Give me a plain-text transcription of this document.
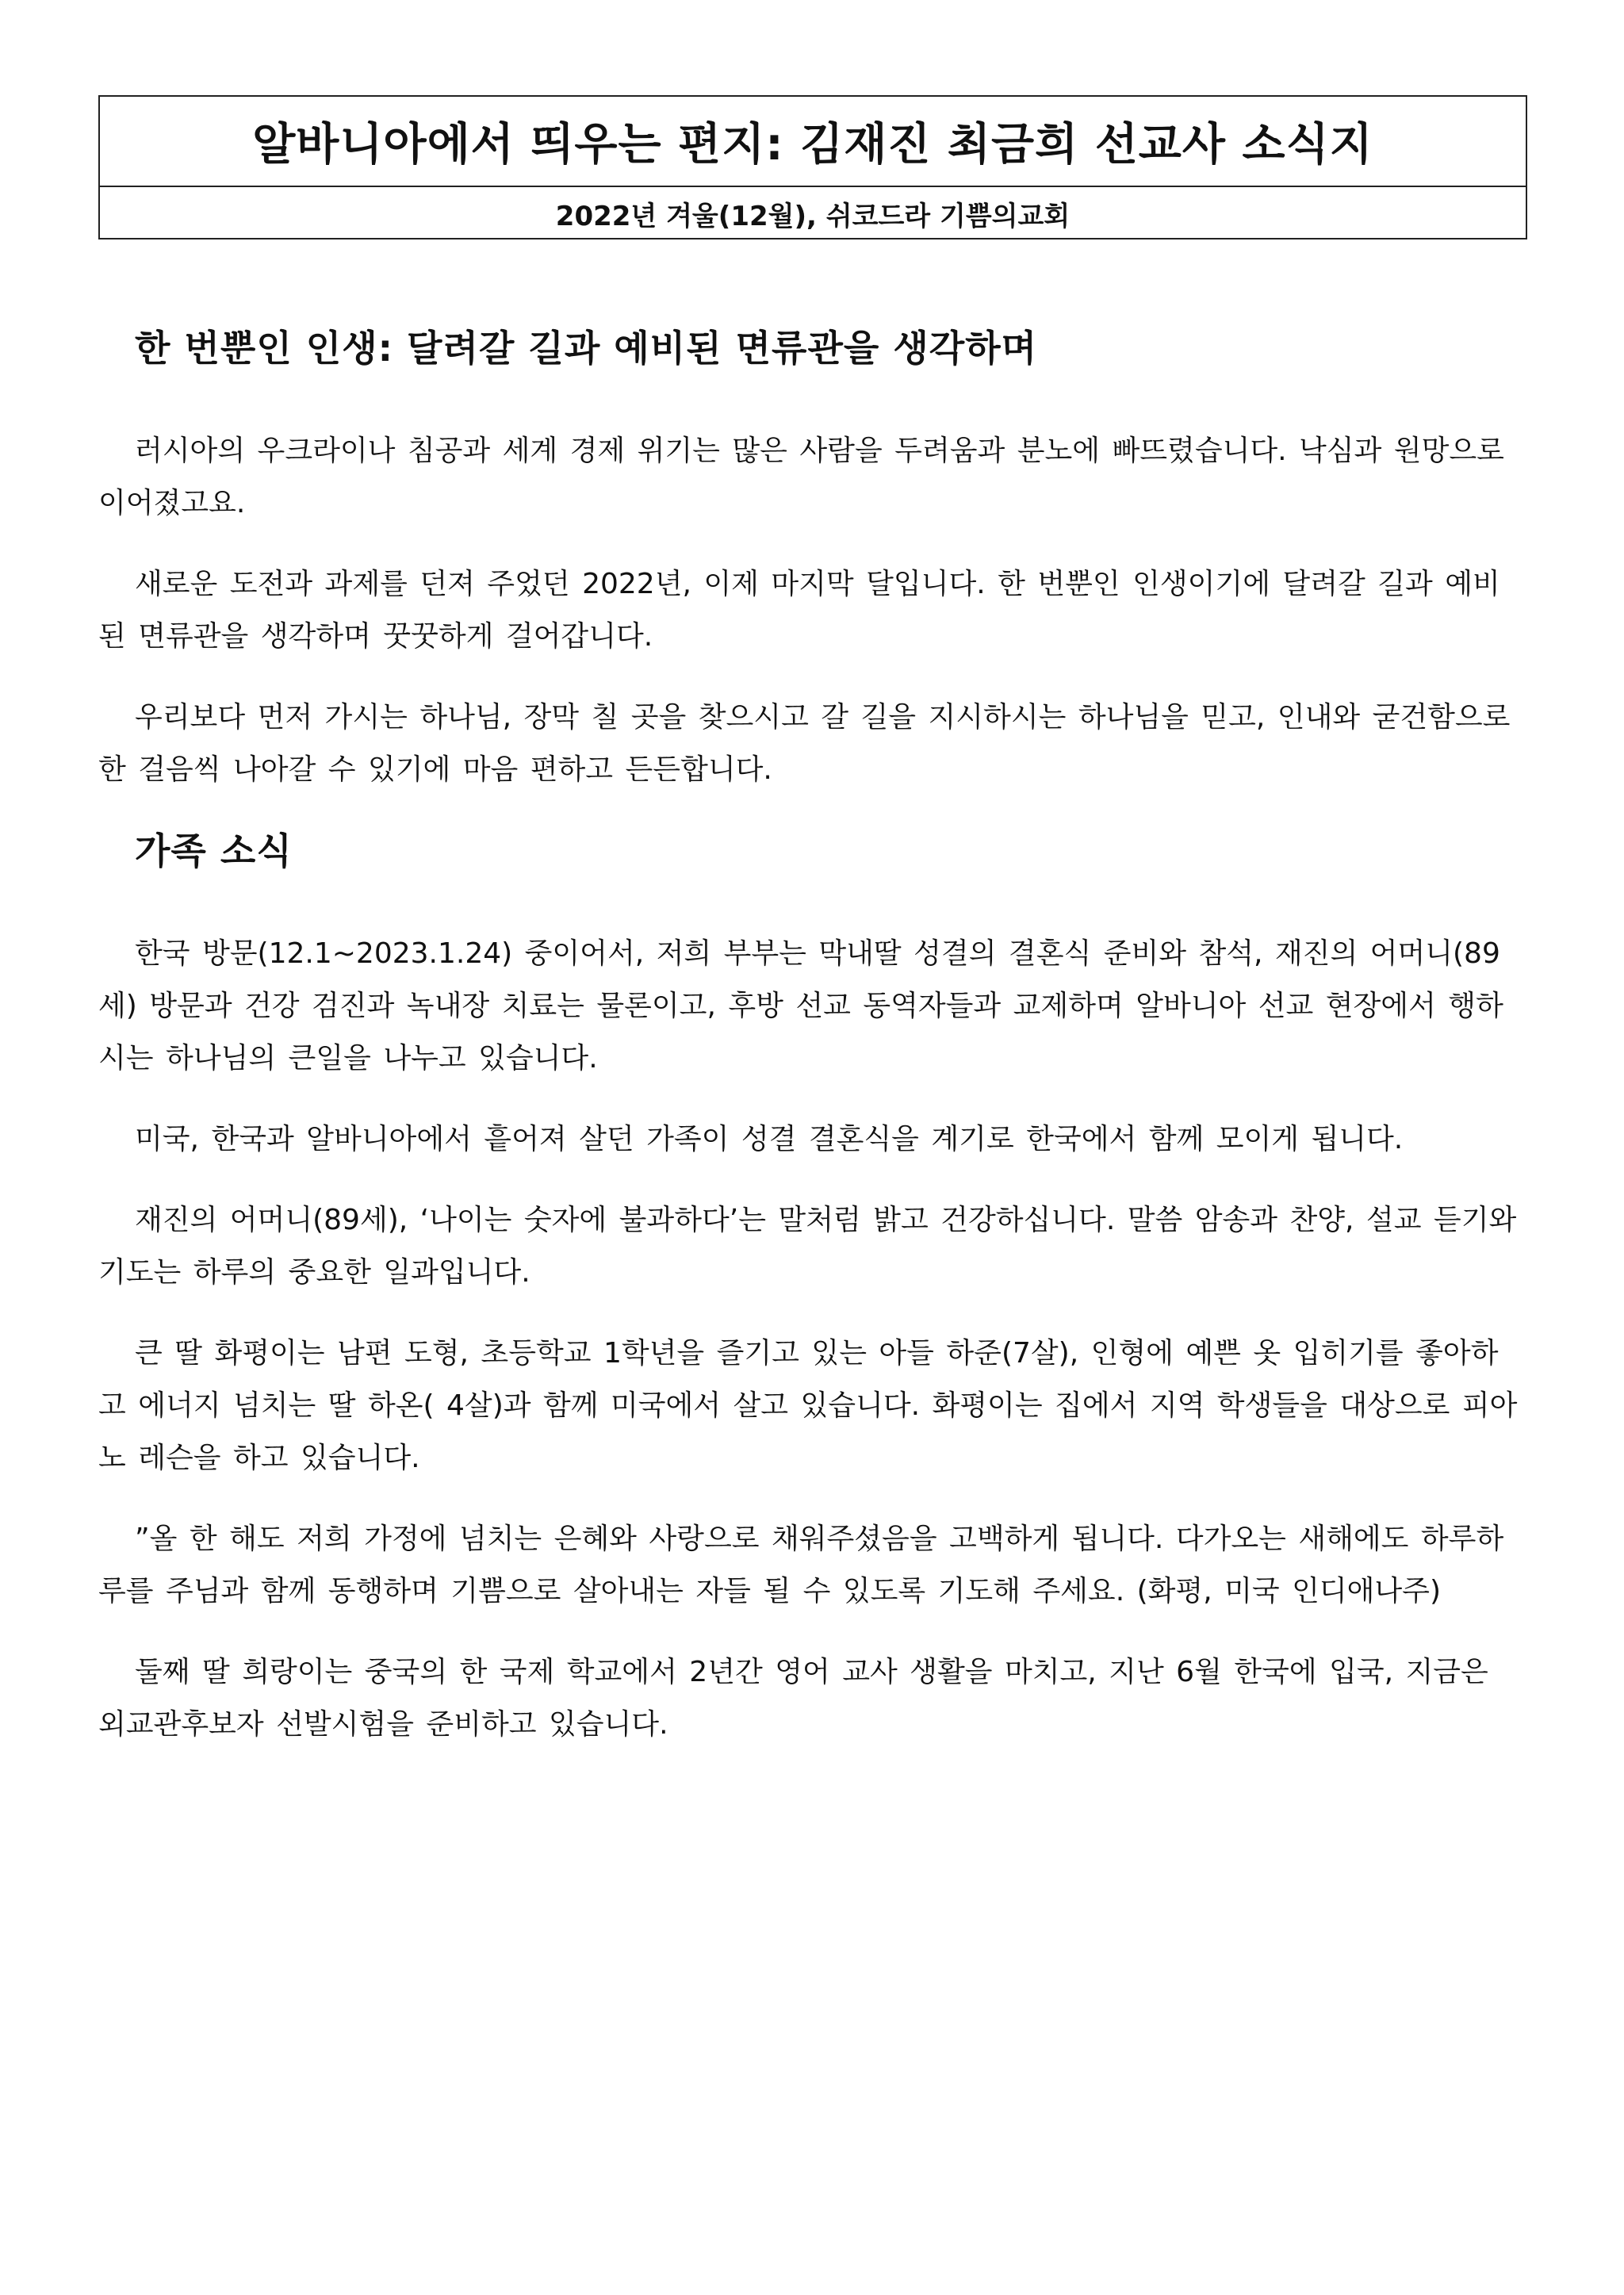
알바니아에서 띄우는 편지: 김재진 최금희 선교사 소식지
2022년 겨울(12월), 쉬코드라 기쁨의교회
한 번뿐인 인생: 달려갈 길과 예비된 면류관을 생각하며

러시아의 우크라이나 침공과 세계 경제 위기는 많은 사람을 두려움과 분노에 빠뜨렸습니다. 낙심과 원망으로 이어졌고요.

새로운 도전과 과제를 던져 주었던 2022년, 이제 마지막 달입니다. 한 번뿐인 인생이기에 달려갈 길과 예비된 면류관을 생각하며 꿋꿋하게 걸어갑니다.

우리보다 먼저 가시는 하나님, 장막 칠 곳을 찾으시고 갈 길을 지시하시는 하나님을 믿고, 인내와 굳건함으로 한 걸음씩 나아갈 수 있기에 마음 편하고 든든합니다.

가족 소식

한국 방문(12.1~2023.1.24) 중이어서, 저희 부부는 막내딸 성결의 결혼식 준비와 참석, 재진의 어머니(89세) 방문과 건강 검진과 녹내장 치료는 물론이고, 후방 선교 동역자들과 교제하며 알바니아 선교 현장에서 행하시는 하나님의 큰일을 나누고 있습니다.

미국, 한국과 알바니아에서 흩어져 살던 가족이 성결 결혼식을 계기로 한국에서 함께 모이게 됩니다.

재진의 어머니(89세), ‘나이는 숫자에 불과하다’는 말처럼 밝고 건강하십니다. 말씀 암송과 찬양, 설교 듣기와 기도는 하루의 중요한 일과입니다.

큰 딸 화평이는 남편 도형, 초등학교 1학년을 즐기고 있는 아들 하준(7살), 인형에 예쁜 옷 입히기를 좋아하고 에너지 넘치는 딸 하온( 4살)과 함께 미국에서 살고 있습니다. 화평이는 집에서 지역 학생들을 대상으로 피아노 레슨을 하고 있습니다.

”올 한 해도 저희 가정에 넘치는 은혜와 사랑으로 채워주셨음을 고백하게 됩니다. 다가오는 새해에도 하루하루를 주님과 함께 동행하며 기쁨으로 살아내는 자들 될 수 있도록 기도해 주세요. (화평, 미국 인디애나주)

둘째 딸 희랑이는 중국의 한 국제 학교에서 2년간 영어 교사 생활을 마치고, 지난 6월 한국에 입국, 지금은 외교관후보자 선발시험을 준비하고 있습니다.
